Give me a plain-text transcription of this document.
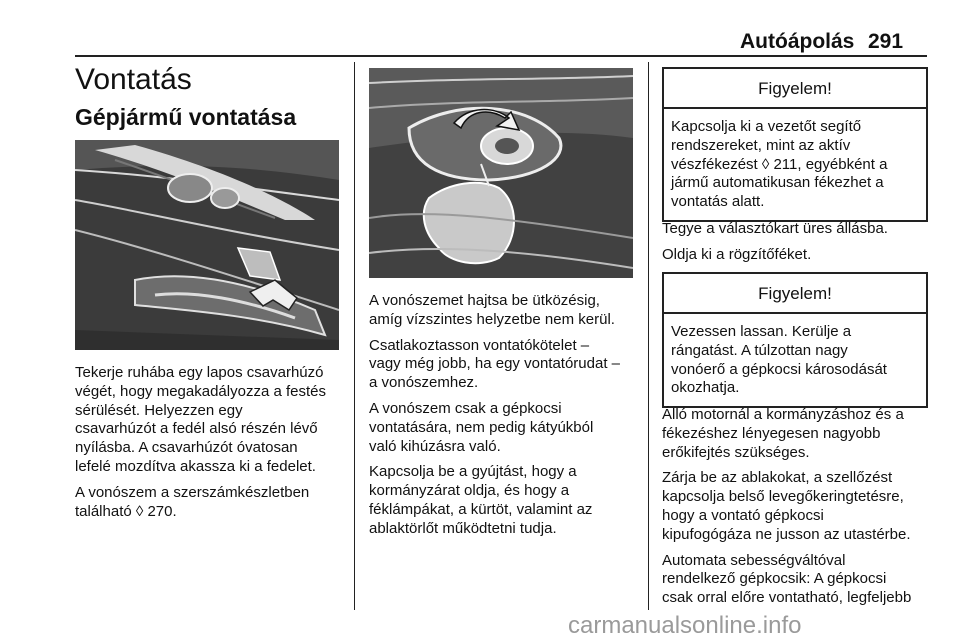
Autóápolás 291
Vontatás
Gépjármű vontatása

Tekerje ruhába egy lapos csavarhúzó
végét, hogy megakadályozza a festés
sérülését. Helyezzen egy
csavarhúzót a fedél alsó részén lévő
nyílásba. A csavarhúzót óvatosan
lefelé mozdítva akassza ki a fedelet.

A vonószem a szerszámkészletben
található ◊ 270.

A vonószemet hajtsa be ütközésig,
amíg vízszintes helyzetbe nem kerül.

Csatlakoztasson vontatókötelet –
vagy még jobb, ha egy vontatórudat –
a vonószemhez.

A vonószem csak a gépkocsi
vontatására, nem pedig kátyúkból
való kihúzásra való.

Kapcsolja be a gyújtást, hogy a
kormányzárat oldja, és hogy a
féklámpákat, a kürtöt, valamint az
ablaktörlőt működtetni tudja.

Figyelem!
Kapcsolja ki a vezetőt segítő
rendszereket, mint az aktív
vészfékezést ◊ 211, egyébként a
jármű automatikusan fékezhet a
vontatás alatt.

Tegye a választókart üres állásba.

Oldja ki a rögzítőféket.

Figyelem!
Vezessen lassan. Kerülje a
rángatást. A túlzottan nagy
vonóerő a gépkocsi károsodását
okozhatja.

Álló motornál a kormányzáshoz és a
fékezéshez lényegesen nagyobb
erőkifejtés szükséges.

Zárja be az ablakokat, a szellőzést
kapcsolja belső levegőkeringtetésre,
hogy a vontató gépkocsi
kipufogógáza ne jusson az utastérbe.

Automata sebességváltóval
rendelkező gépkocsik: A gépkocsi
csak orral előre vontatható, legfeljebb

carmanualsonline.info
